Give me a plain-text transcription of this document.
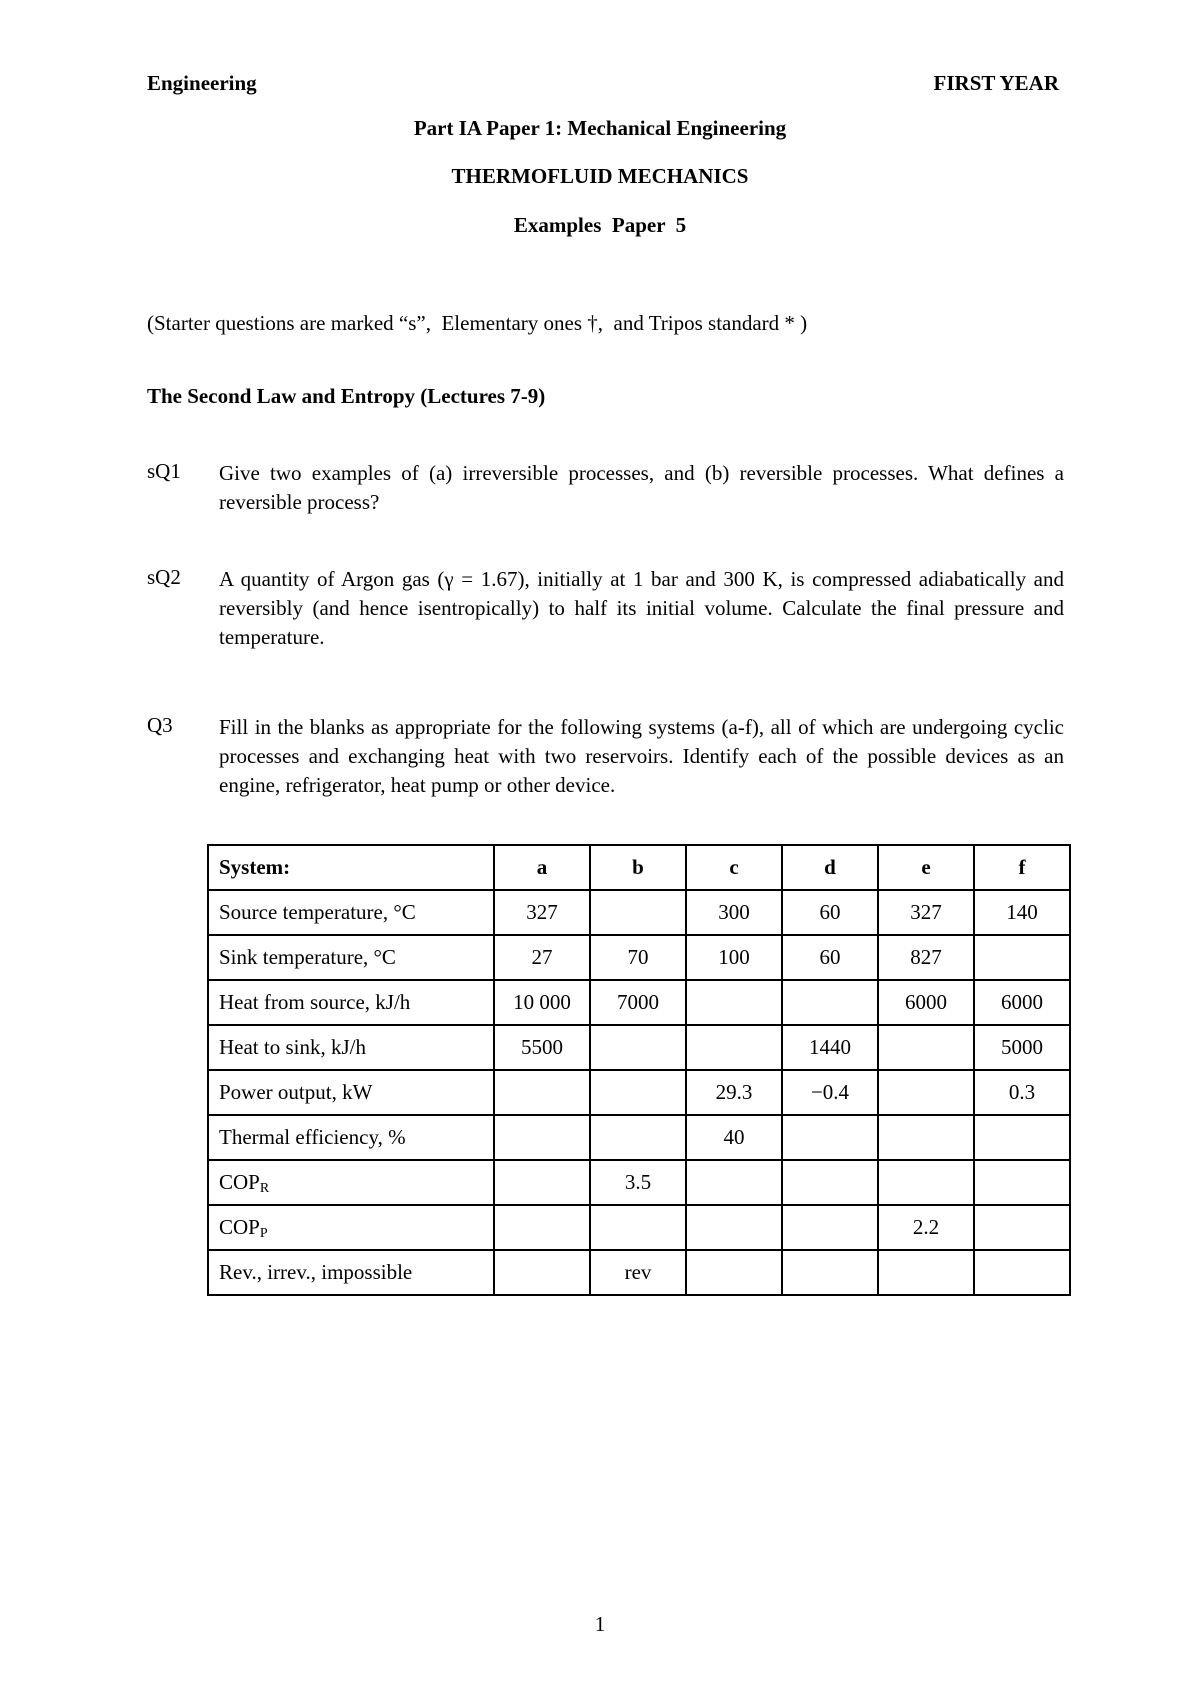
Engineering	FIRST YEAR
Part IA Paper 1: Mechanical Engineering
THERMOFLUID MECHANICS
Examples  Paper  5
(Starter questions are marked “s”,  Elementary ones †,  and Tripos standard * )
The Second Law and Entropy (Lectures 7-9)
sQ1 Give two examples of (a) irreversible processes, and (b) reversible processes. What defines a reversible process?
sQ2 A quantity of Argon gas (γ = 1.67), initially at 1 bar and 300 K, is compressed adiabatically and reversibly (and hence isentropically) to half its initial volume. Calculate the final pressure and temperature.
Q3 Fill in the blanks as appropriate for the following systems (a-f), all of which are undergoing cyclic processes and exchanging heat with two reservoirs. Identify each of the possible devices as an engine, refrigerator, heat pump or other device.
System:	a	b	c	d	e	f
Source temperature, °C	327		300	60	327	140
Sink temperature, °C	27	70	100	60	827	
Heat from source, kJ/h	10 000	7000			6000	6000
Heat to sink, kJ/h	5500			1440		5000
Power output, kW			29.3	−0.4		0.3
Thermal efficiency, %			40			
$COP_R$		3.5				
$COP_P$					2.2	
Rev., irrev., impossible		rev				
1
